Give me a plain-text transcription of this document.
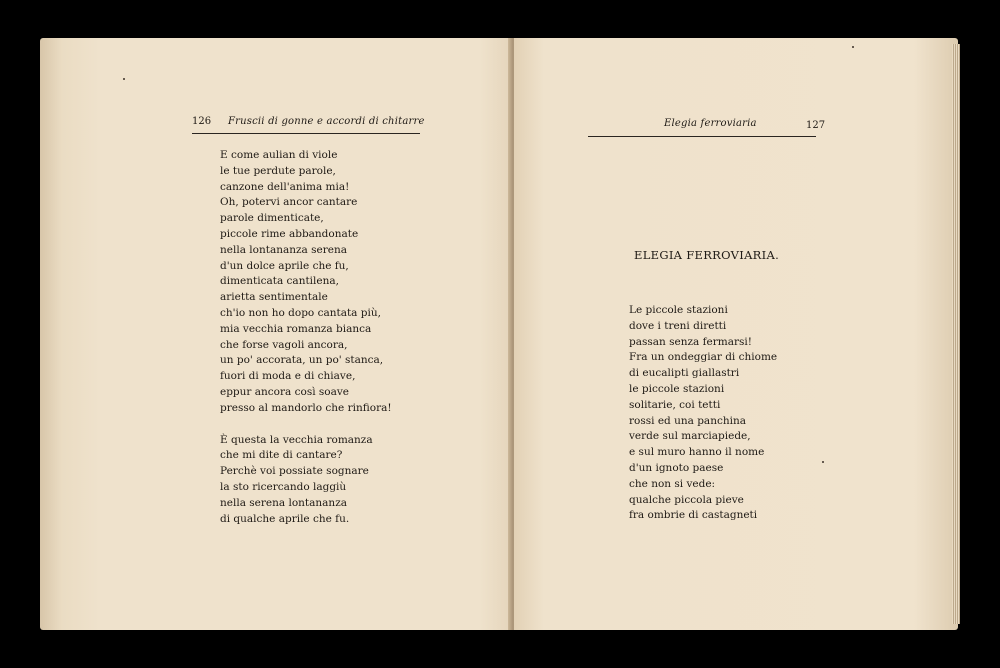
126 Fruscii di gonne e accordi di chitarre
E come aulian di viole
le tue perdute parole,
canzone dell'anima mia!
Oh, potervi ancor cantare
parole dimenticate,
piccole rime abbandonate
nella lontananza serena
d'un dolce aprile che fu,
dimenticata cantilena,
arietta sentimentale
ch'io non ho dopo cantata più,
mia vecchia romanza bianca
che forse vagoli ancora,
un po' accorata, un po' stanca,
fuori di moda e di chiave,
eppur ancora così soave
presso al mandorlo che rinfiora!
È questa la vecchia romanza
che mi dite di cantare?
Perchè voi possiate sognare
la sto ricercando laggiù
nella serena lontananza
di qualche aprile che fu.
Elegia ferroviaria	127
ELEGIA FERROVIARIA.
Le piccole stazioni
dove i treni diretti
passan senza fermarsi!
Fra un ondeggiar di chiome
di eucalipti giallastri
le piccole stazioni
solitarie, coi tetti
rossi ed una panchina
verde sul marciapiede,
e sul muro hanno il nome
d'un ignoto paese
che non si vede:
qualche piccola pieve
fra ombrie di castagneti
